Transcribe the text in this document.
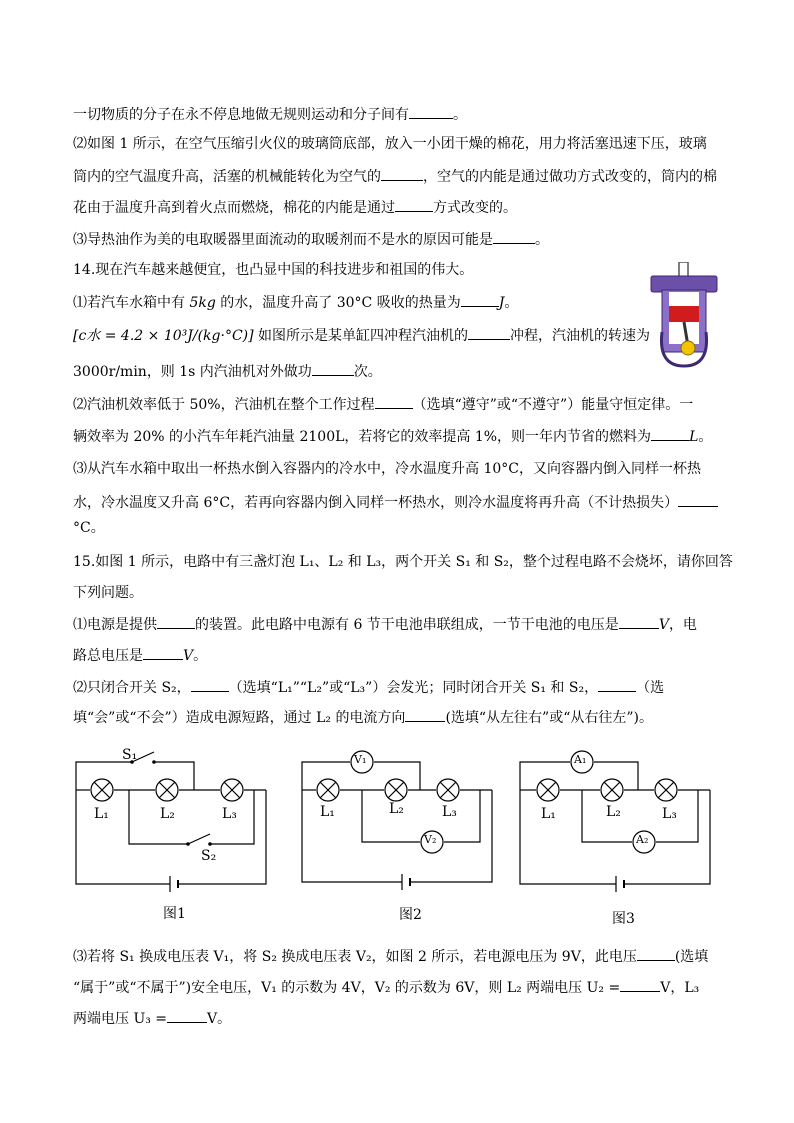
一切物质的分子在永不停息地做无规则运动和分子间有	。
⑵如图 1 所示，在空气压缩引火仪的玻璃筒底部，放入一小团干燥的棉花，用力将活塞迅速下压，玻璃
筒内的空气温度升高，活塞的机械能转化为空气的	，空气的内能是通过做功方式改变的，筒内的棉
花由于温度升高到着火点而燃烧，棉花的内能是通过	方式改变的。
⑶导热油作为美的电取暖器里面流动的取暖剂而不是水的原因可能是	。
14.现在汽车越来越便宜，也凸显中国的科技进步和祖国的伟大。
⑴若汽车水箱中有 5kg 的水，温度升高了 30°C 吸收的热量为	J。
[c水 = 4.2 × 10³J/(kg·°C)] 如图所示是某单缸四冲程汽油机的	冲程，汽油机的转速为
3000r/min，则 1s 内汽油机对外做功	次。
⑵汽油机效率低于 50%，汽油机在整个工作过程	（选填“遵守”或“不遵守”）能量守恒定律。一
辆效率为 20% 的小汽车年耗汽油量 2100L，若将它的效率提高 1%，则一年内节省的燃料为	L。
⑶从汽车水箱中取出一杯热水倒入容器内的冷水中，冷水温度升高 10°C，又向容器内倒入同样一杯热
水，冷水温度又升高 6°C，若再向容器内倒入同样一杯热水，则冷水温度将再升高（不计热损失）
°C。
15.如图 1 所示，电路中有三盏灯泡 L₁、L₂ 和 L₃，两个开关 S₁ 和 S₂，整个过程电路不会烧坏，请你回答
下列问题。
⑴电源是提供	的装置。此电路中电源有 6 节干电池串联组成，一节干电池的电压是	V，电
路总电压是	V。
⑵只闭合开关 S₂，	（选填“L₁”“L₂”或“L₃”）会发光；同时闭合开关 S₁ 和 S₂，	（选
填“会”或“不会”）造成电源短路，通过 L₂ 的电流方向	(选填“从左往右”或“从右往左”)。
S₁
S₂
L₁	L₂	L₃
图1
V₁
V₂
L₁	L₂	L₃
图2
A₁
A₂
L₁	L₂	L₃
图3
⑶若将 S₁ 换成电压表 V₁，将 S₂ 换成电压表 V₂，如图 2 所示，若电源电压为 9V，此电压	(选填
“属于”或“不属于”)安全电压，V₁ 的示数为 4V，V₂ 的示数为 6V，则 L₂ 两端电压 U₂ =	V，L₃
两端电压 U₃ =	V。
